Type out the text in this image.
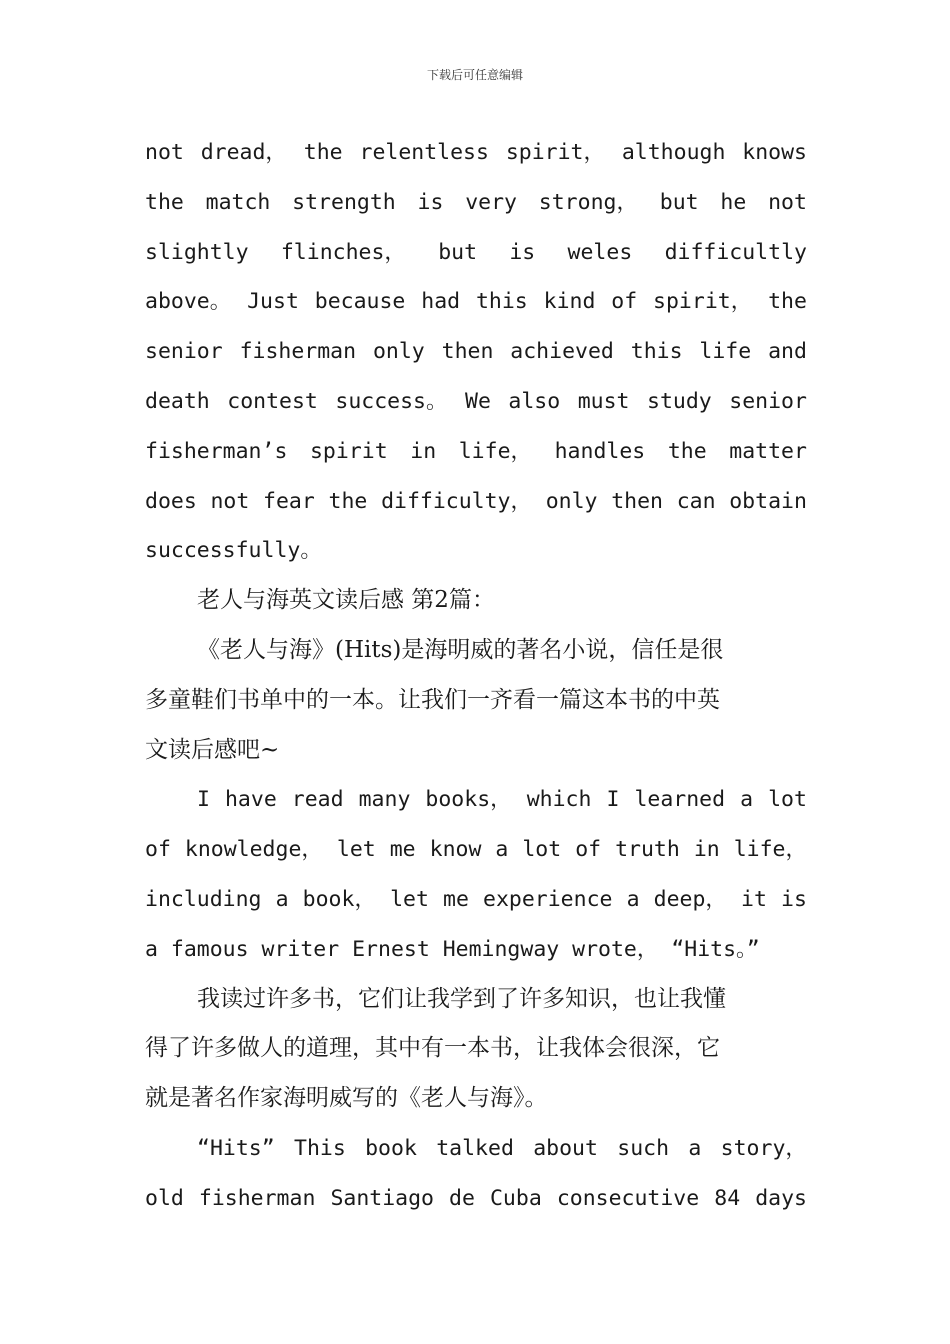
下载后可任意编辑
not dread， the relentless spirit， although knows
the match strength is very strong， but he not
slightly flinches， but is weles difficultly
above。 Just because had this kind of spirit， the
senior fisherman only then achieved this life and
death contest success。 We also must study senior
fisherman’s spirit in life， handles the matter
does not fear the difficulty， only then can obtain
successfully。
老人与海英文读后感 第2篇：
《老人与海》(Hits)是海明威的著名小说，信任是很
多童鞋们书单中的一本。让我们一齐看一篇这本书的中英
文读后感吧~
I have read many books， which I learned a lot
of knowledge， let me know a lot of truth in life，
including a book， let me experience a deep， it is
a famous writer Ernest Hemingway wrote， “Hits。”
我读过许多书，它们让我学到了许多知识，也让我懂
得了许多做人的道理，其中有一本书，让我体会很深，它
就是著名作家海明威写的《老人与海》。
“Hits” This book talked about such a story，
old fisherman Santiago de Cuba consecutive 84 days
